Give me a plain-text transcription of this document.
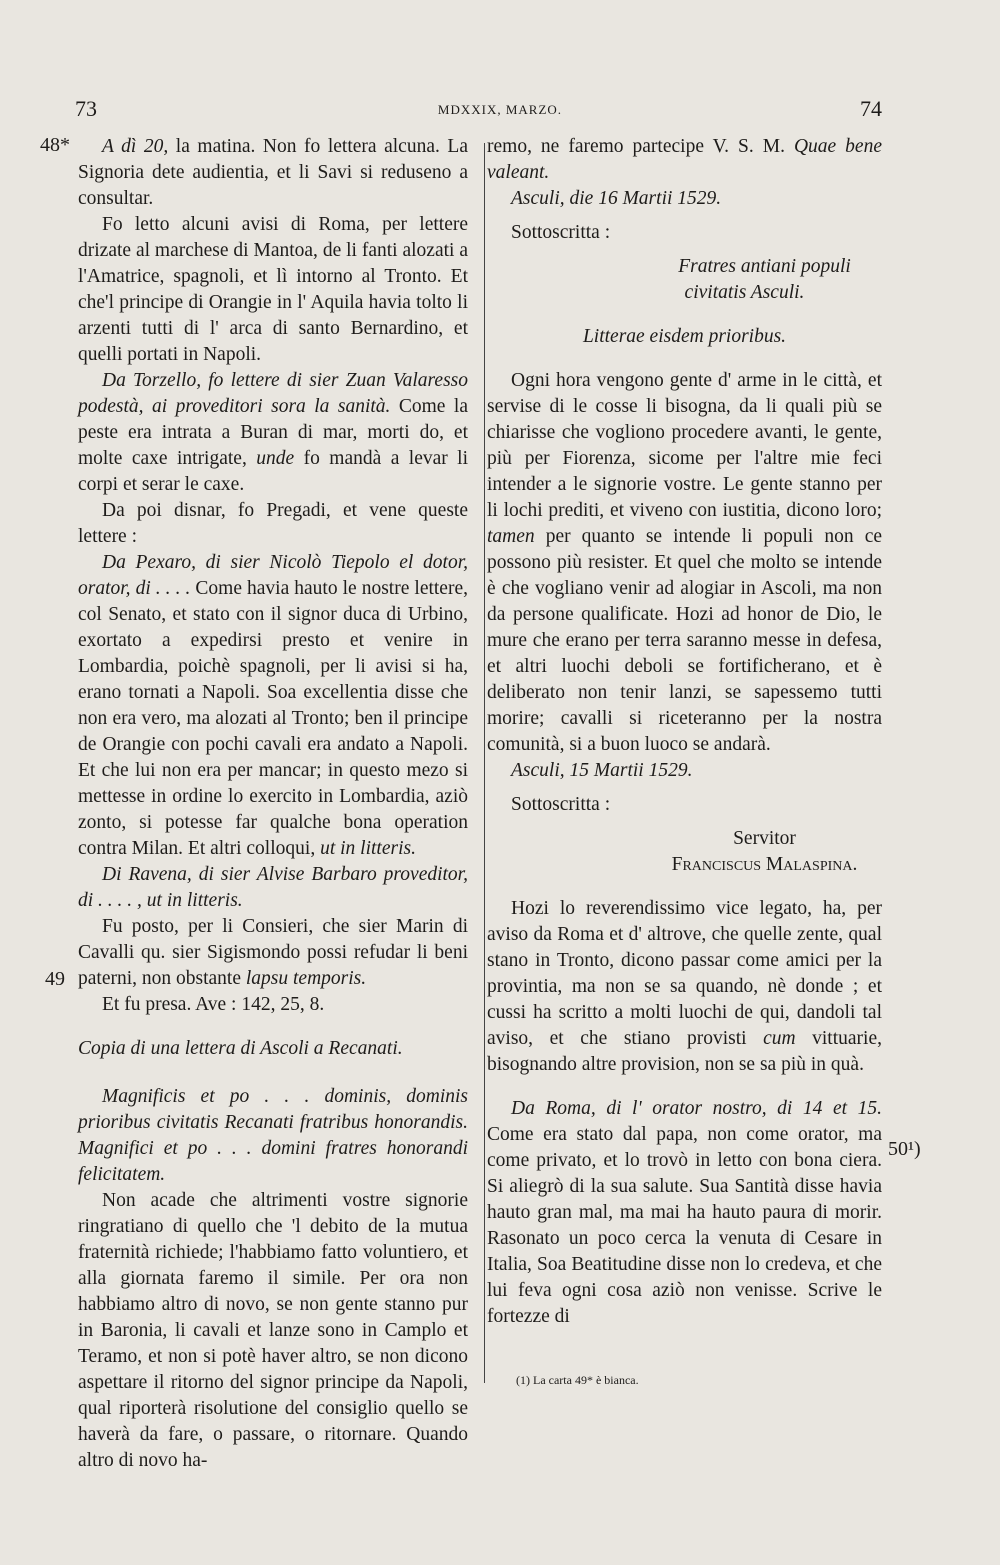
73	MDXXIX, MARZO.	74
48*
49
50¹)

A dì 20, la matina. Non fo lettera alcuna. La Signoria dete audientia, et li Savi si reduseno a consultar.

Fo letto alcuni avisi di Roma, per lettere drizate al marchese di Mantoa, de li fanti alozati a l'Amatrice, spagnoli, et lì intorno al Tronto. Et che'l principe di Orangie in l' Aquila havia tolto li arzenti tutti di l' arca di santo Bernardino, et quelli portati in Napoli.

Da Torzello, fo lettere di sier Zuan Valaresso podestà, ai proveditori sora la sanità. Come la peste era intrata a Buran di mar, morti do, et molte caxe intrigate, unde fo mandà a levar li corpi et serar le caxe.

Da poi disnar, fo Pregadi, et vene queste lettere :

Da Pexaro, di sier Nicolò Tiepolo el dotor, orator, di . . . . Come havia hauto le nostre lettere, col Senato, et stato con il signor duca di Urbino, exortato a expedirsi presto et venire in Lombardia, poichè spagnoli, per li avisi si ha, erano tornati a Napoli. Soa excellentia disse che non era vero, ma alozati al Tronto; ben il principe de Orangie con pochi cavali era andato a Napoli. Et che lui non era per mancar; in questo mezo si mettesse in ordine lo exercito in Lombardia, aziò zonto, si potesse far qualche bona operation contra Milan. Et altri colloqui, ut in litteris.

Di Ravena, di sier Alvise Barbaro proveditor, di . . . . , ut in litteris.

Fu posto, per li Consieri, che sier Marin di Cavalli qu. sier Sigismondo possi refudar li beni paterni, non obstante lapsu temporis.

Et fu presa. Ave : 142, 25, 8.

Copia di una lettera di Ascoli a Recanati.

Magnificis et po . . . dominis, dominis prioribus civitatis Recanati fratribus honorandis. Magnifici et po . . . domini fratres honorandi felicitatem.

Non acade che altrimenti vostre signorie ringratiano di quello che 'l debito de la mutua fraternità richiede; l'habbiamo fatto voluntiero, et alla giornata faremo il simile. Per ora non habbiamo altro di novo, se non gente stanno pur in Baronia, li cavali et lanze sono in Camplo et Teramo, et non si potè haver altro, se non dicono aspettare il ritorno del signor principe da Napoli, qual riporterà risolutione del consiglio quello se haverà da fare, o passare, o ritornare. Quando altro di novo ha-

remo, ne faremo partecipe V. S. M. Quae bene valeant.

Asculi, die 16 Martii 1529.

Sottoscritta :

Fratres antiani populi

civitatis Asculi.

Litterae eisdem prioribus.

Ogni hora vengono gente d' arme in le città, et servise di le cosse li bisogna, da li quali più se chiarisse che vogliono procedere avanti, le gente, più per Fiorenza, sicome per l'altre mie feci intender a le signorie vostre. Le gente stanno per li lochi prediti, et viveno con iustitia, dicono loro; tamen per quanto se intende li populi non ce possono più resister. Et quel che molto se intende è che vogliano venir ad alogiar in Ascoli, ma non da persone qualificate. Hozi ad honor de Dio, le mure che erano per terra saranno messe in defesa, et altri luochi deboli se fortificherano, et è deliberato non tenir lanzi, se sapessemo tutti morire; cavalli si riceteranno per la nostra comunità, si a buon luoco se andarà.

Asculi, 15 Martii 1529.

Sottoscritta :

Servitor

Franciscus Malaspina.

Hozi lo reverendissimo vice legato, ha, per aviso da Roma et d' altrove, che quelle zente, qual stano in Tronto, dicono passar come amici per la provintia, ma non se sa quando, nè donde ; et cussi ha scritto a molti luochi de qui, dandoli tal aviso, et che stiano provisti cum vittuarie, bisognando altre provision, non se sa più in quà.

Da Roma, di l' orator nostro, di 14 et 15. Come era stato dal papa, non come orator, ma come privato, et lo trovò in letto con bona ciera. Si aliegrò di la sua salute. Sua Santità disse havia hauto gran mal, ma mai ha hauto paura di morir. Rasonato un poco cerca la venuta di Cesare in Italia, Soa Beatitudine disse non lo credeva, et che lui feva ogni cosa aziò non venisse. Scrive le fortezze di

(1) La carta 49* è bianca.
